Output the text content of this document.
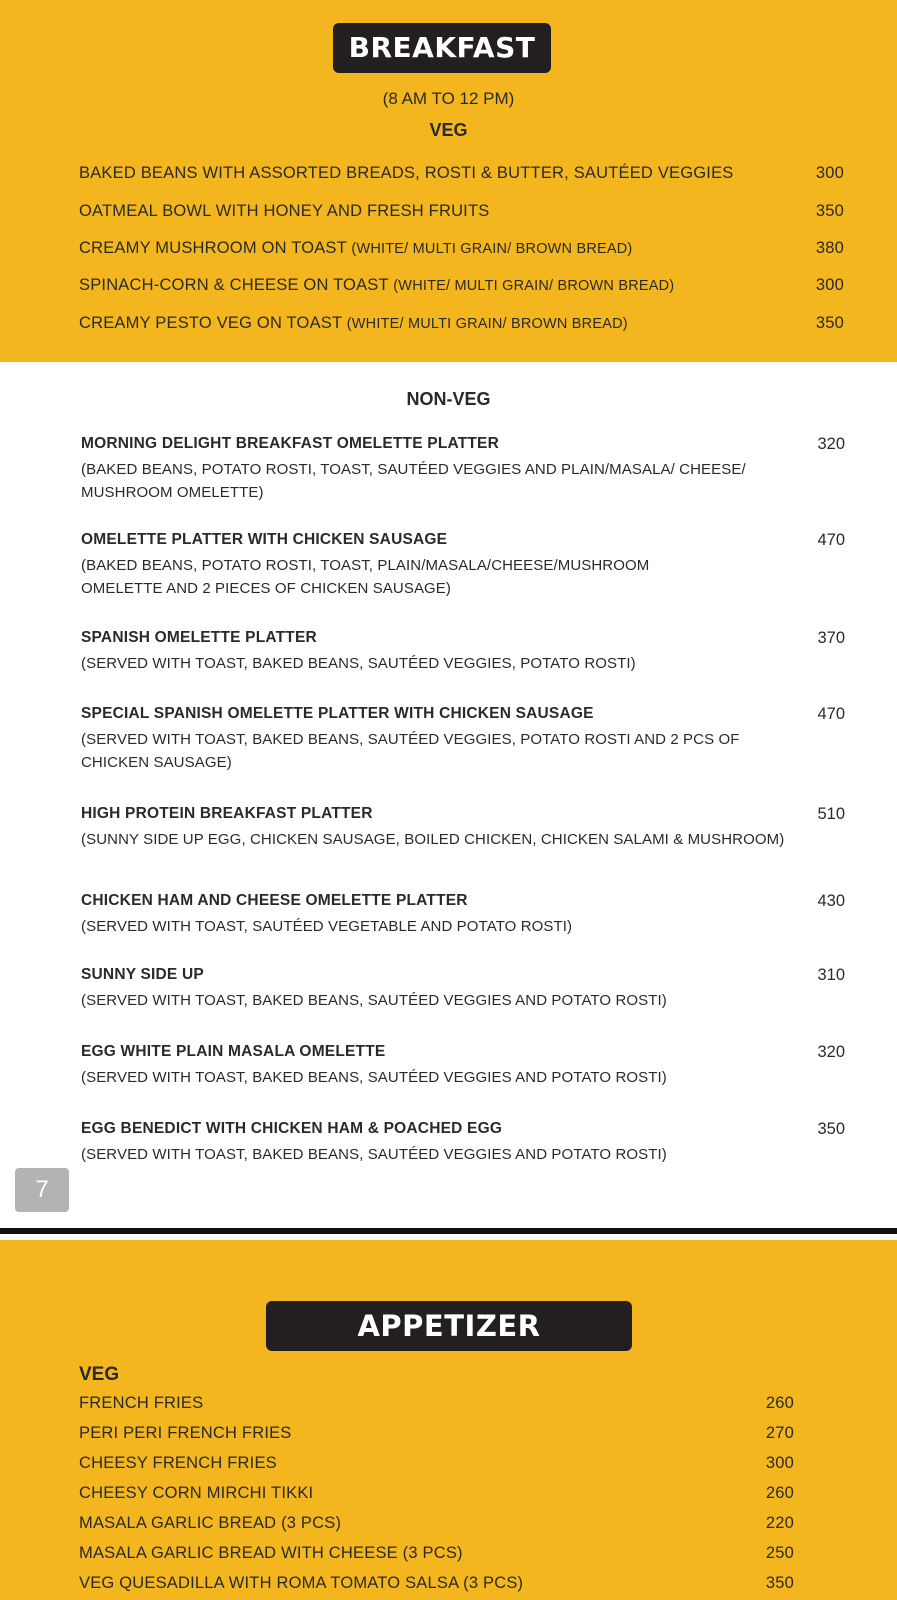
BREAKFAST
(8 AM TO 12 PM)
VEG
BAKED BEANS WITH ASSORTED BREADS, ROSTI & BUTTER, SAUTÉED VEGGIES	300
OATMEAL BOWL WITH HONEY AND FRESH FRUITS	350
CREAMY MUSHROOM ON TOAST (WHITE/ MULTI GRAIN/ BROWN BREAD)	380
SPINACH-CORN & CHEESE ON TOAST (WHITE/ MULTI GRAIN/ BROWN BREAD)	300
CREAMY PESTO VEG ON TOAST (WHITE/ MULTI GRAIN/ BROWN BREAD)	350
NON-VEG
MORNING DELIGHT BREAKFAST OMELETTE PLATTER	320
(BAKED BEANS, POTATO ROSTI, TOAST, SAUTÉED VEGGIES AND PLAIN/MASALA/ CHEESE/
MUSHROOM OMELETTE)
OMELETTE PLATTER WITH CHICKEN SAUSAGE	470
(BAKED BEANS, POTATO ROSTI, TOAST, PLAIN/MASALA/CHEESE/MUSHROOM
OMELETTE AND 2 PIECES OF CHICKEN SAUSAGE)
SPANISH OMELETTE PLATTER	370
(SERVED WITH TOAST, BAKED BEANS, SAUTÉED VEGGIES, POTATO ROSTI)
SPECIAL SPANISH OMELETTE PLATTER WITH CHICKEN SAUSAGE	470
(SERVED WITH TOAST, BAKED BEANS, SAUTÉED VEGGIES, POTATO ROSTI AND 2 PCS OF
CHICKEN SAUSAGE)
HIGH PROTEIN BREAKFAST PLATTER	510
(SUNNY SIDE UP EGG, CHICKEN SAUSAGE, BOILED CHICKEN, CHICKEN SALAMI & MUSHROOM)
CHICKEN HAM AND CHEESE OMELETTE PLATTER	430
(SERVED WITH TOAST, SAUTÉED VEGETABLE AND POTATO ROSTI)
SUNNY SIDE UP	310
(SERVED WITH TOAST, BAKED BEANS, SAUTÉED VEGGIES AND POTATO ROSTI)
EGG WHITE PLAIN MASALA OMELETTE	320
(SERVED WITH TOAST, BAKED BEANS, SAUTÉED VEGGIES AND POTATO ROSTI)
EGG BENEDICT WITH CHICKEN HAM & POACHED EGG	350
(SERVED WITH TOAST, BAKED BEANS, SAUTÉED VEGGIES AND POTATO ROSTI)
7
APPETIZER
VEG
FRENCH FRIES	260
PERI PERI FRENCH FRIES	270
CHEESY FRENCH FRIES	300
CHEESY CORN MIRCHI TIKKI	260
MASALA GARLIC BREAD (3 PCS)	220
MASALA GARLIC BREAD WITH CHEESE (3 PCS)	250
VEG QUESADILLA WITH ROMA TOMATO SALSA (3 PCS)	350
